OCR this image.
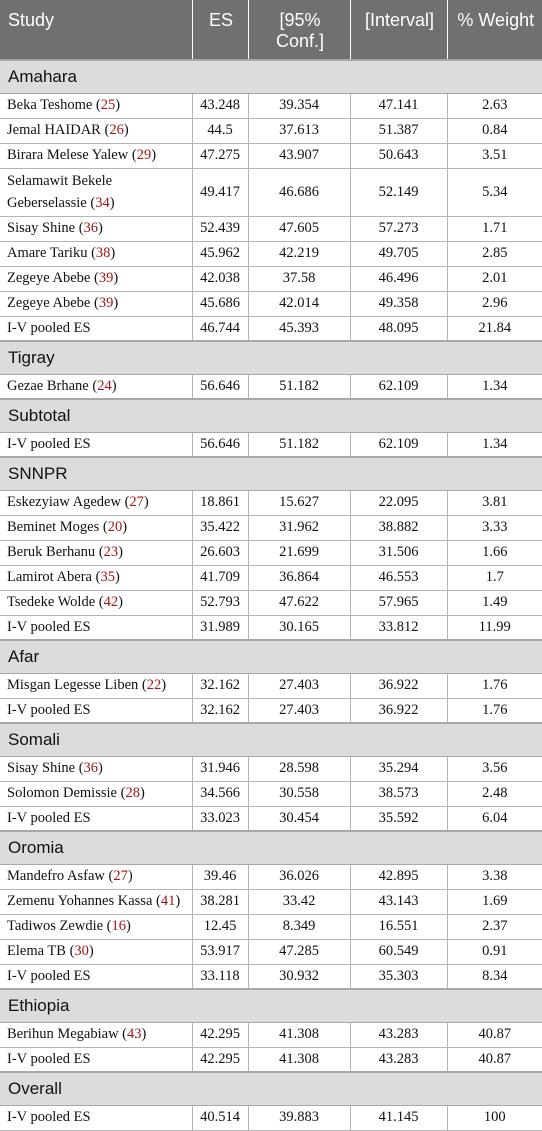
Study	ES	[95% Conf.]	[Interval]	% Weight
Amahara				
Beka Teshome (25)	43.248	39.354	47.141	2.63
Jemal HAIDAR (26)	44.5	37.613	51.387	0.84
Birara Melese Yalew (29)	47.275	43.907	50.643	3.51
Selamawit Bekele Geberselassie (34)	49.417	46.686	52.149	5.34
Sisay Shine (36)	52.439	47.605	57.273	1.71
Amare Tariku (38)	45.962	42.219	49.705	2.85
Zegeye Abebe (39)	42.038	37.58	46.496	2.01
Zegeye Abebe (39)	45.686	42.014	49.358	2.96
I-V pooled ES	46.744	45.393	48.095	21.84
Tigray				
Gezae Brhane (24)	56.646	51.182	62.109	1.34
Subtotal				
I-V pooled ES	56.646	51.182	62.109	1.34
SNNPR				
Eskezyiaw Agedew (27)	18.861	15.627	22.095	3.81
Beminet Moges (20)	35.422	31.962	38.882	3.33
Beruk Berhanu (23)	26.603	21.699	31.506	1.66
Lamirot Abera (35)	41.709	36.864	46.553	1.7
Tsedeke Wolde (42)	52.793	47.622	57.965	1.49
I-V pooled ES	31.989	30.165	33.812	11.99
Afar				
Misgan Legesse Liben (22)	32.162	27.403	36.922	1.76
I-V pooled ES	32.162	27.403	36.922	1.76
Somali				
Sisay Shine (36)	31.946	28.598	35.294	3.56
Solomon Demissie (28)	34.566	30.558	38.573	2.48
I-V pooled ES	33.023	30.454	35.592	6.04
Oromia				
Mandefro Asfaw (27)	39.46	36.026	42.895	3.38
Zemenu Yohannes Kassa (41)	38.281	33.42	43.143	1.69
Tadiwos Zewdie (16)	12.45	8.349	16.551	2.37
Elema TB (30)	53.917	47.285	60.549	0.91
I-V pooled ES	33.118	30.932	35.303	8.34
Ethiopia				
Berihun Megabiaw (43)	42.295	41.308	43.283	40.87
I-V pooled ES	42.295	41.308	43.283	40.87
Overall				
I-V pooled ES	40.514	39.883	41.145	100
